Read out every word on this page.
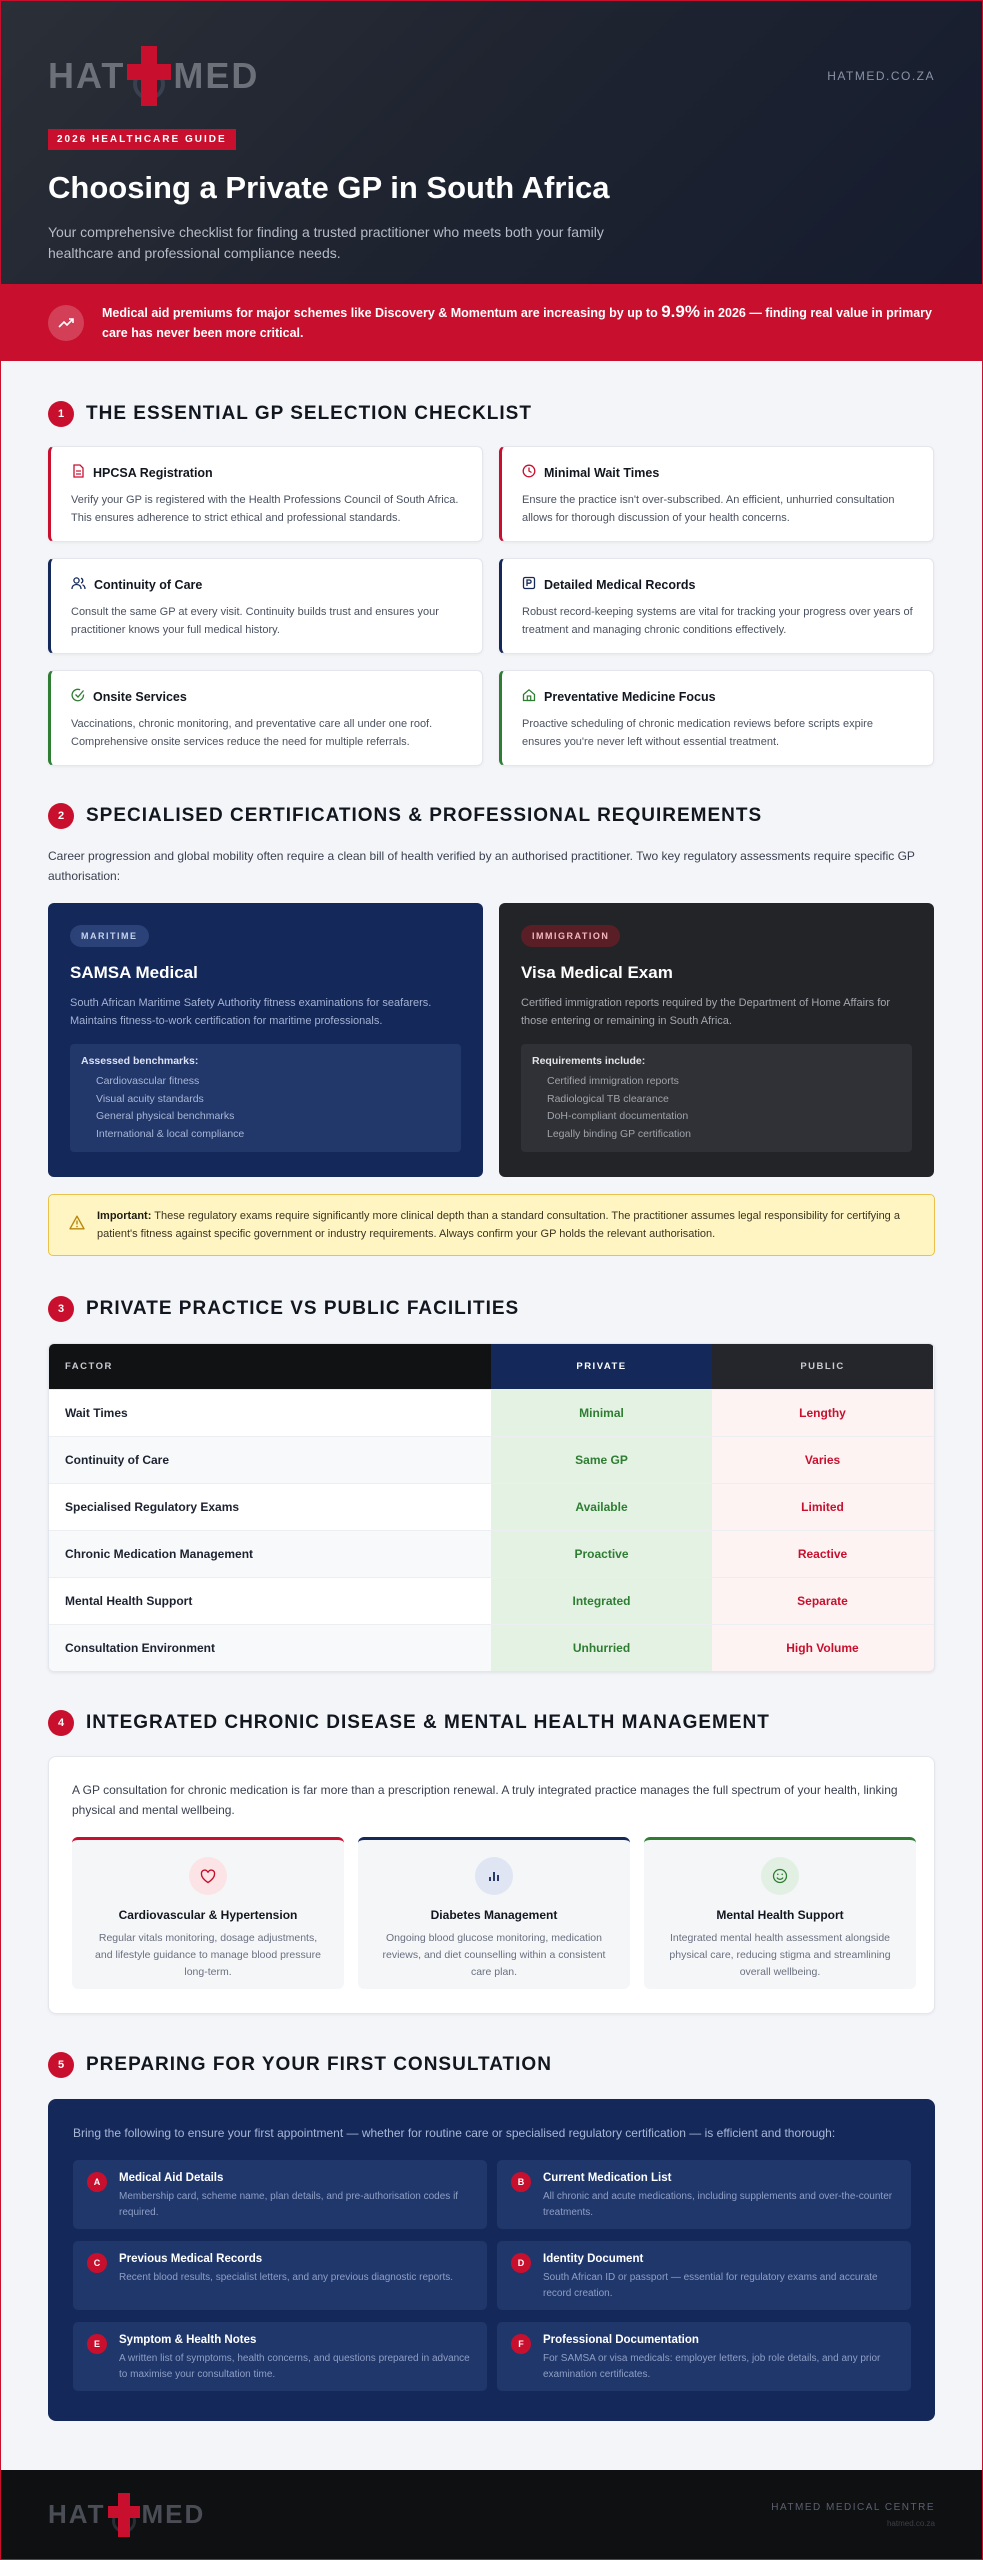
HAT MED	HATMED.CO.ZA
2026 HEALTHCARE GUIDE
Choosing a Private GP in South Africa

Your comprehensive checklist for finding a trusted practitioner who meets both your family healthcare and professional compliance needs.

Medical aid premiums for major schemes like Discovery & Momentum are increasing by up to 9.9% in 2026 — finding real value in primary care has never been more critical.
1	THE ESSENTIAL GP SELECTION CHECKLIST
HPCSA Registration
Verify your GP is registered with the Health Professions Council of South Africa. This ensures adherence to strict ethical and professional standards.
Minimal Wait Times
Ensure the practice isn't over-subscribed. An efficient, unhurried consultation allows for thorough discussion of your health concerns.
Continuity of Care
Consult the same GP at every visit. Continuity builds trust and ensures your practitioner knows your full medical history.
Detailed Medical Records
Robust record-keeping systems are vital for tracking your progress over years of treatment and managing chronic conditions effectively.
Onsite Services
Vaccinations, chronic monitoring, and preventative care all under one roof. Comprehensive onsite services reduce the need for multiple referrals.
Preventative Medicine Focus
Proactive scheduling of chronic medication reviews before scripts expire ensures you're never left without essential treatment.
2	SPECIALISED CERTIFICATIONS & PROFESSIONAL REQUIREMENTS

Career progression and global mobility often require a clean bill of health verified by an authorised practitioner. Two key regulatory assessments require specific GP authorisation:

MARITIME
SAMSA Medical

South African Maritime Safety Authority fitness examinations for seafarers. Maintains fitness-to-work certification for maritime professionals.

Assessed benchmarks:
Cardiovascular fitness
Visual acuity standards
General physical benchmarks
International & local compliance
IMMIGRATION
Visa Medical Exam

Certified immigration reports required by the Department of Home Affairs for those entering or remaining in South Africa.

Requirements include:
Certified immigration reports
Radiological TB clearance
DoH-compliant documentation
Legally binding GP certification
Important: These regulatory exams require significantly more clinical depth than a standard consultation. The practitioner assumes legal responsibility for certifying a patient's fitness against specific government or industry requirements. Always confirm your GP holds the relevant authorisation.
3	PRIVATE PRACTICE VS PUBLIC FACILITIES
FACTOR	PRIVATE	PUBLIC
Wait Times	Minimal	Lengthy
Continuity of Care	Same GP	Varies
Specialised Regulatory Exams	Available	Limited
Chronic Medication Management	Proactive	Reactive
Mental Health Support	Integrated	Separate
Consultation Environment	Unhurried	High Volume
4	INTEGRATED CHRONIC DISEASE & MENTAL HEALTH MANAGEMENT

A GP consultation for chronic medication is far more than a prescription renewal. A truly integrated practice manages the full spectrum of your health, linking physical and mental wellbeing.

Cardiovascular & Hypertension

Regular vitals monitoring, dosage adjustments, and lifestyle guidance to manage blood pressure long-term.

Diabetes Management

Ongoing blood glucose monitoring, medication reviews, and diet counselling within a consistent care plan.

Mental Health Support

Integrated mental health assessment alongside physical care, reducing stigma and streamlining overall wellbeing.

5	PREPARING FOR YOUR FIRST CONSULTATION

Bring the following to ensure your first appointment — whether for routine care or specialised regulatory certification — is efficient and thorough:

A	Medical Aid Details
Membership card, scheme name, plan details, and pre-authorisation codes if required.
B	Current Medication List
All chronic and acute medications, including supplements and over-the-counter treatments.
C	Previous Medical Records
Recent blood results, specialist letters, and any previous diagnostic reports.
D	Identity Document
South African ID or passport — essential for regulatory exams and accurate record creation.
E	Symptom & Health Notes
A written list of symptoms, health concerns, and questions prepared in advance to maximise your consultation time.
F	Professional Documentation
For SAMSA or visa medicals: employer letters, job role details, and any prior examination certificates.
HAT MED	HATMED MEDICAL CENTRE
hatmed.co.za
